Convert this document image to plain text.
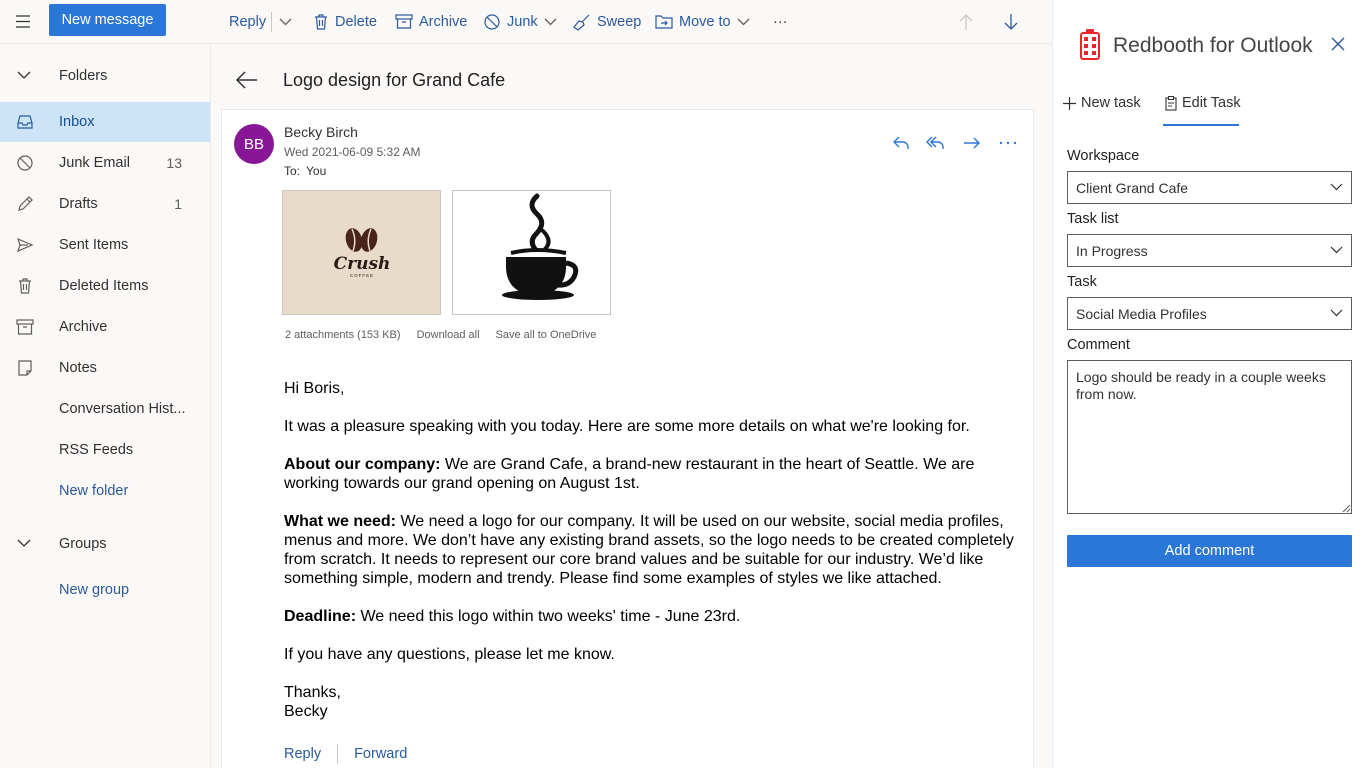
New message	Reply	Delete	Archive	Junk	Sweep	Move to	···
Folders
Inbox
Junk Email	13
Drafts	1
Sent Items
Deleted Items
Archive
Notes
Conversation Hist...
RSS Feeds
New folder
Groups
New group
Logo design for Grand Cafe
BB
Becky Birch
Wed 2021-06-09 5:32 AM
To: You
Crush
COFFEE
2 attachments (153 KB) Download all Save all to OneDrive

Hi Boris,

It was a pleasure speaking with you today. Here are some more details on what we're looking for.

About our company: We are Grand Cafe, a brand-new restaurant in the heart of Seattle. We are working towards our grand opening on August 1st.

What we need: We need a logo for our company. It will be used on our website, social media profiles, menus and more. We don’t have any existing brand assets, so the logo needs to be created completely from scratch. It needs to represent our core brand values and be suitable for our industry. We’d like something simple, modern and trendy. Please find some examples of styles we like attached.

Deadline: We need this logo within two weeks' time - June 23rd.

If you have any questions, please let me know.

Thanks,
Becky
Reply Forward
Redbooth for Outlook
New task	Edit Task
Workspace
Client Grand Cafe
Task list
In Progress
Task
Social Media Profiles
Comment
Logo should be ready in a couple weeks from now.
Add comment
